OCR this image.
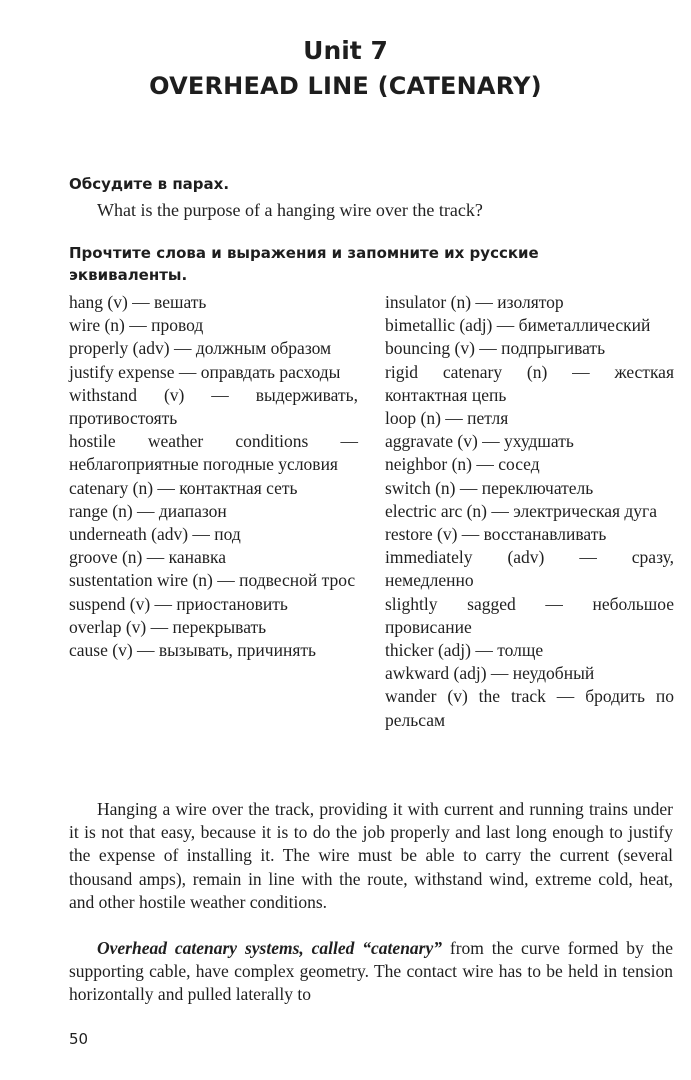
Unit 7
OVERHEAD LINE (CATENARY)

Обсудите в парах.

What is the purpose of a hanging wire over the track?

Прочтите слова и выражения и запомните их русские эквиваленты.

hang (v) — вешать

wire (n) — провод

properly (adv) — должным образом

justify expense — оправдать расходы

withstand (v) — выдерживать, противостоять

hostile weather conditions — неблагоприятные погодные условия

catenary (n) — контактная сеть

range (n) — диапазон

underneath (adv) — под

groove (n) — канавка

sustentation wire (n) — подвесной трос

suspend (v) — приостановить

overlap (v) — перекрывать

cause (v) — вызывать, причинять

insulator (n) — изолятор

bimetallic (adj) — биметаллический

bouncing (v) — подпрыгивать

rigid catenary (n) — жесткая контактная цепь

loop (n) — петля

aggravate (v) — ухудшать

neighbor (n) — сосед

switch (n) — переключатель

electric arc (n) — электрическая дуга

restore (v) — восстанавливать

immediately (adv) — сразу, немедленно

slightly sagged — небольшое провисание

thicker (adj) — толще

awkward (adj) — неудобный

wander (v) the track — бродить по рельсам

Hanging a wire over the track, providing it with current and running trains under it is not that easy, because it is to do the job properly and last long enough to justify the expense of installing it. The wire must be able to carry the current (several thousand amps), remain in line with the route, withstand wind, extreme cold, heat, and other hostile weather conditions.

Overhead catenary systems, called “catenary” from the curve formed by the supporting cable, have complex geometry. The contact wire has to be held in tension horizontally and pulled laterally to

50
